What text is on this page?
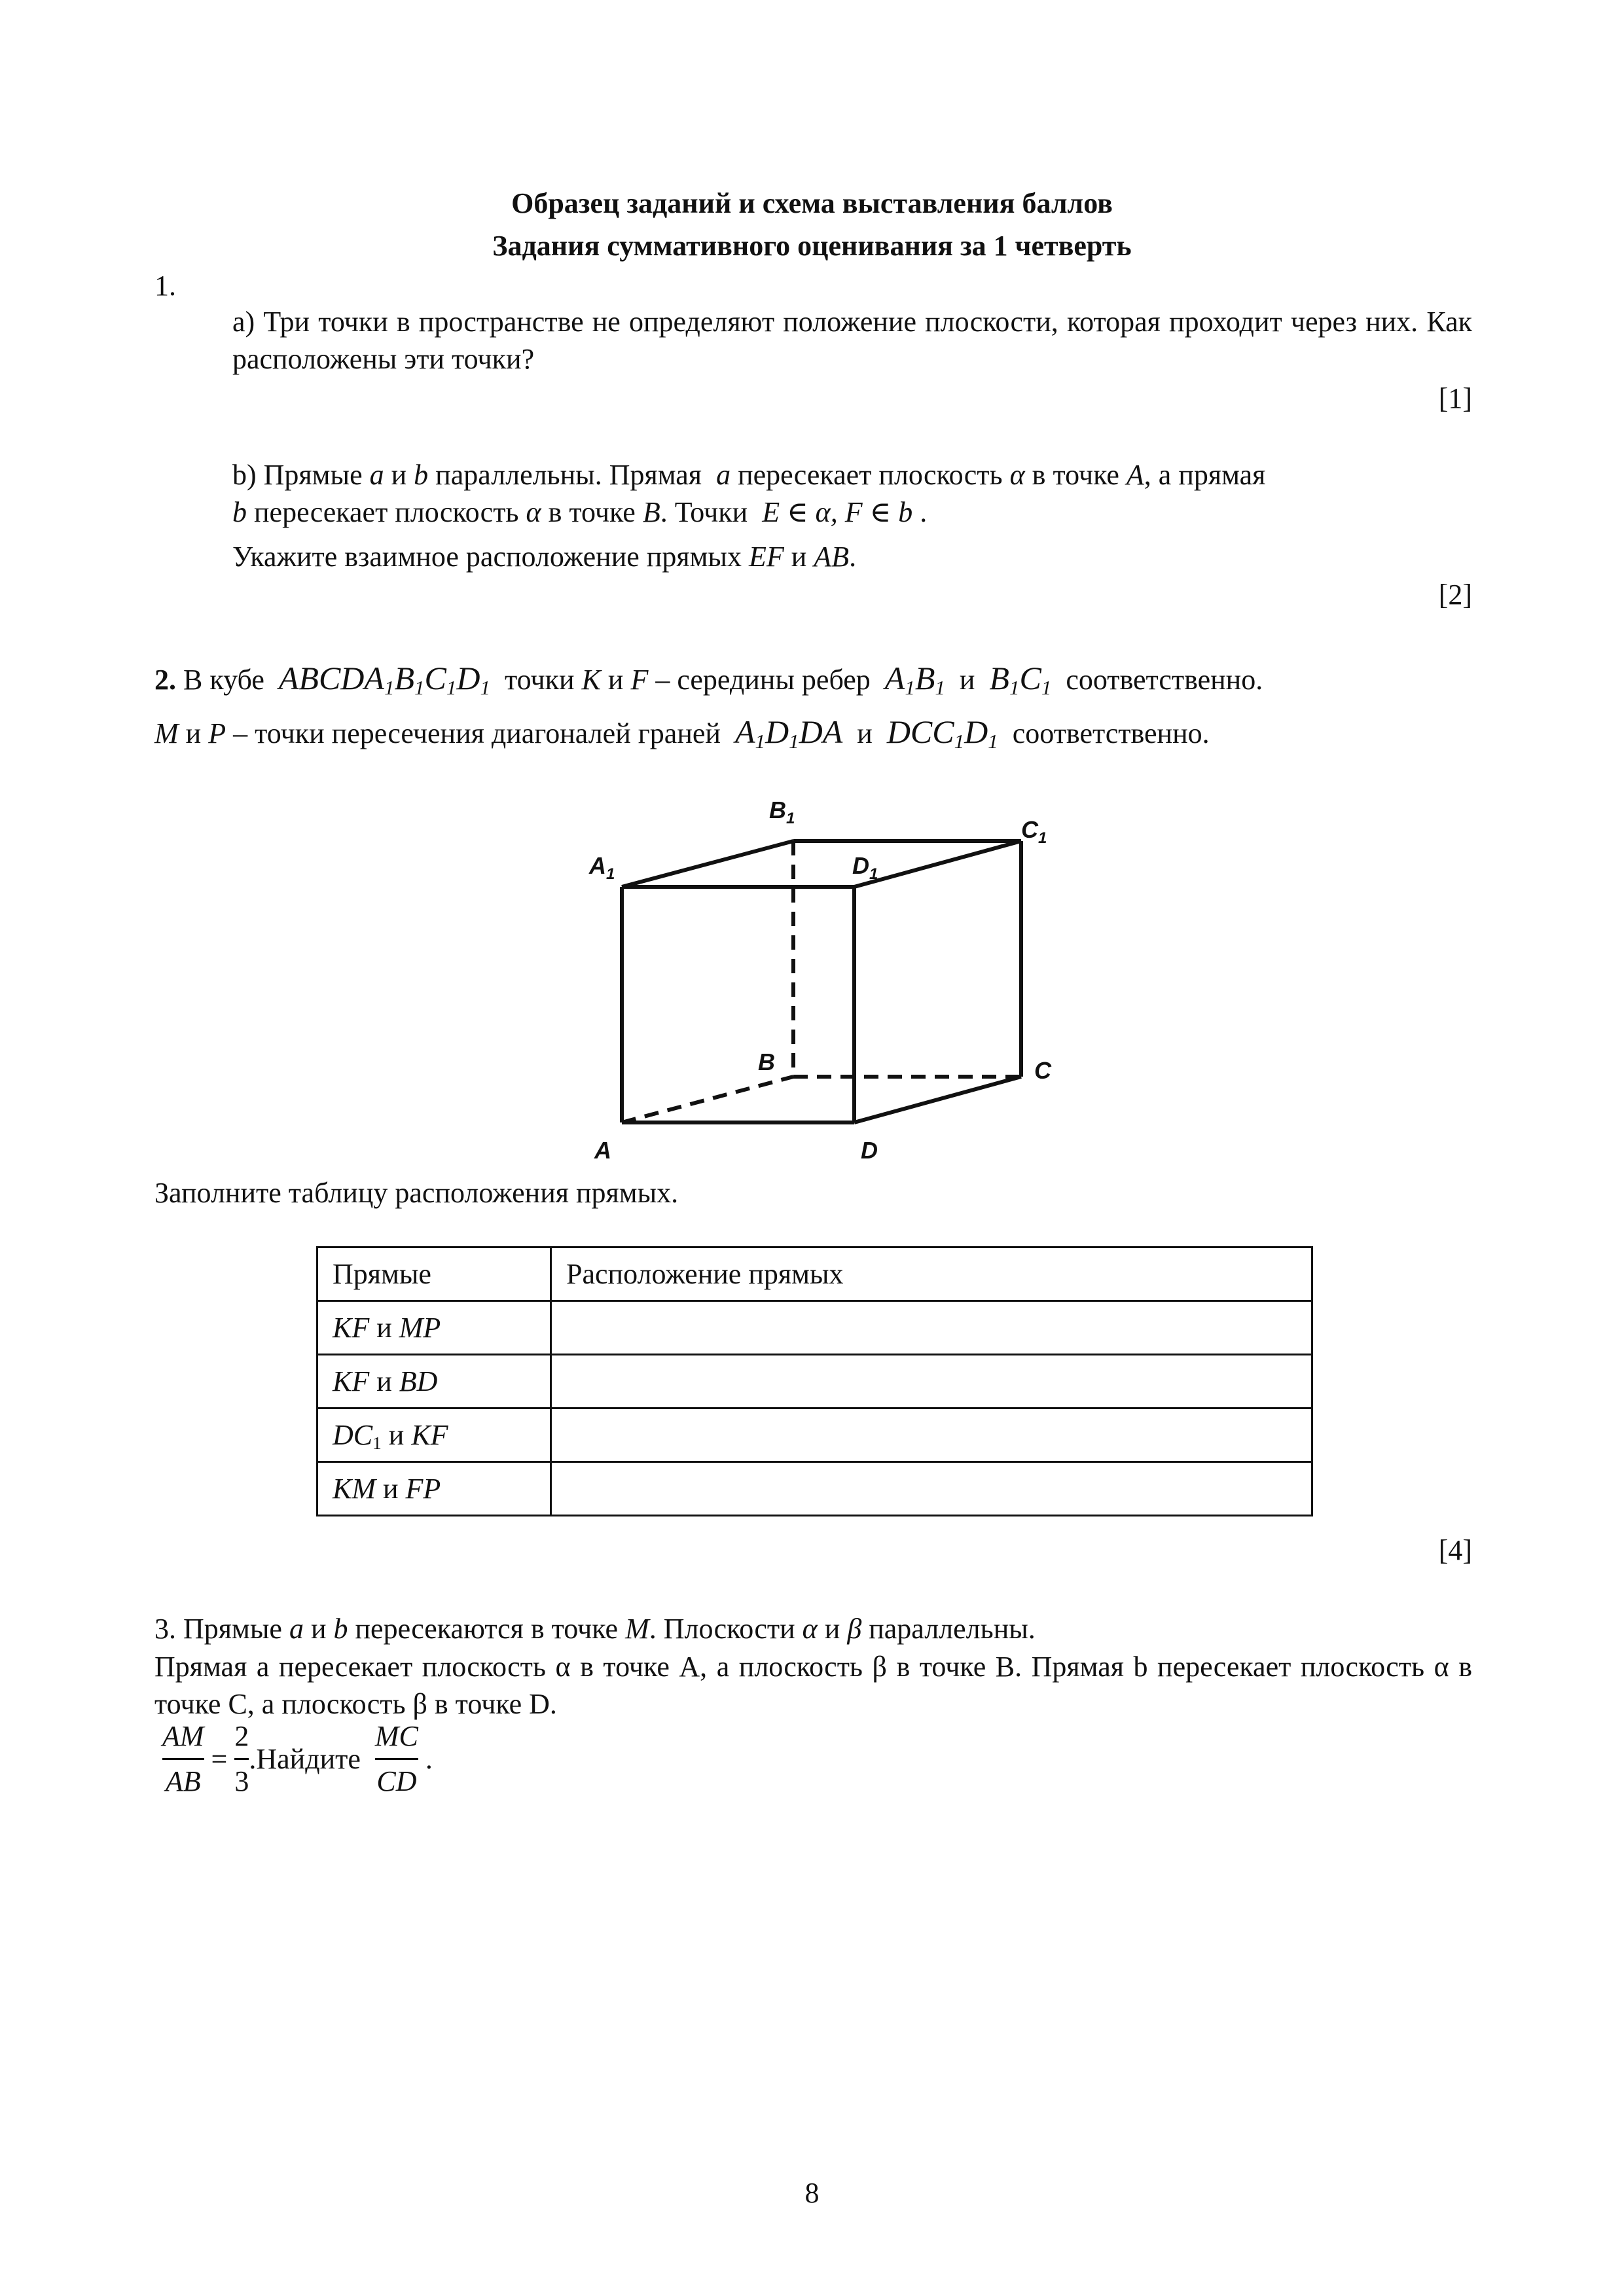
Образец заданий и схема выставления баллов
Задания суммативного оценивания за 1 четверть
1.
a) Три точки в пространстве не определяют положение плоскости, которая проходит через них. Как расположены эти точки?
[1]
b) Прямые a и b параллельны. Прямая a пересекает плоскость α в точке A, а прямая
b пересекает плоскость α в точке B. Точки E ∈ α, F ∈ b .
Укажите взаимное расположение прямых EF и AB.
[2]
2. В кубе $ABCDA_1B_1C_1D_1$ точки K и F – середины ребер $A_1B_1$ и $B_1C_1$ соответственно.
M и P – точки пересечения диагоналей граней $A_1D_1DA$ и $DCC_1D_1$ соответственно.
$B_1$	$C_1$
$A_1$	$D_1$
B	C
A	D
Заполните таблицу расположения прямых.
Прямые	Расположение прямых
KF и MP	
KF и BD	
$DC_1$ и KF	
KM и FP	
[4]
3. Прямые a и b пересекаются в точке M. Плоскости α и β параллельны.
Прямая a пересекает плоскость α в точке A, а плоскость β в точке B. Прямая b пересекает плоскость α в точке C, а плоскость β в точке D.
$\frac{AM}{AB} = \frac{2}{3}$ .Найдите $\frac{MC}{CD}$ .
8
